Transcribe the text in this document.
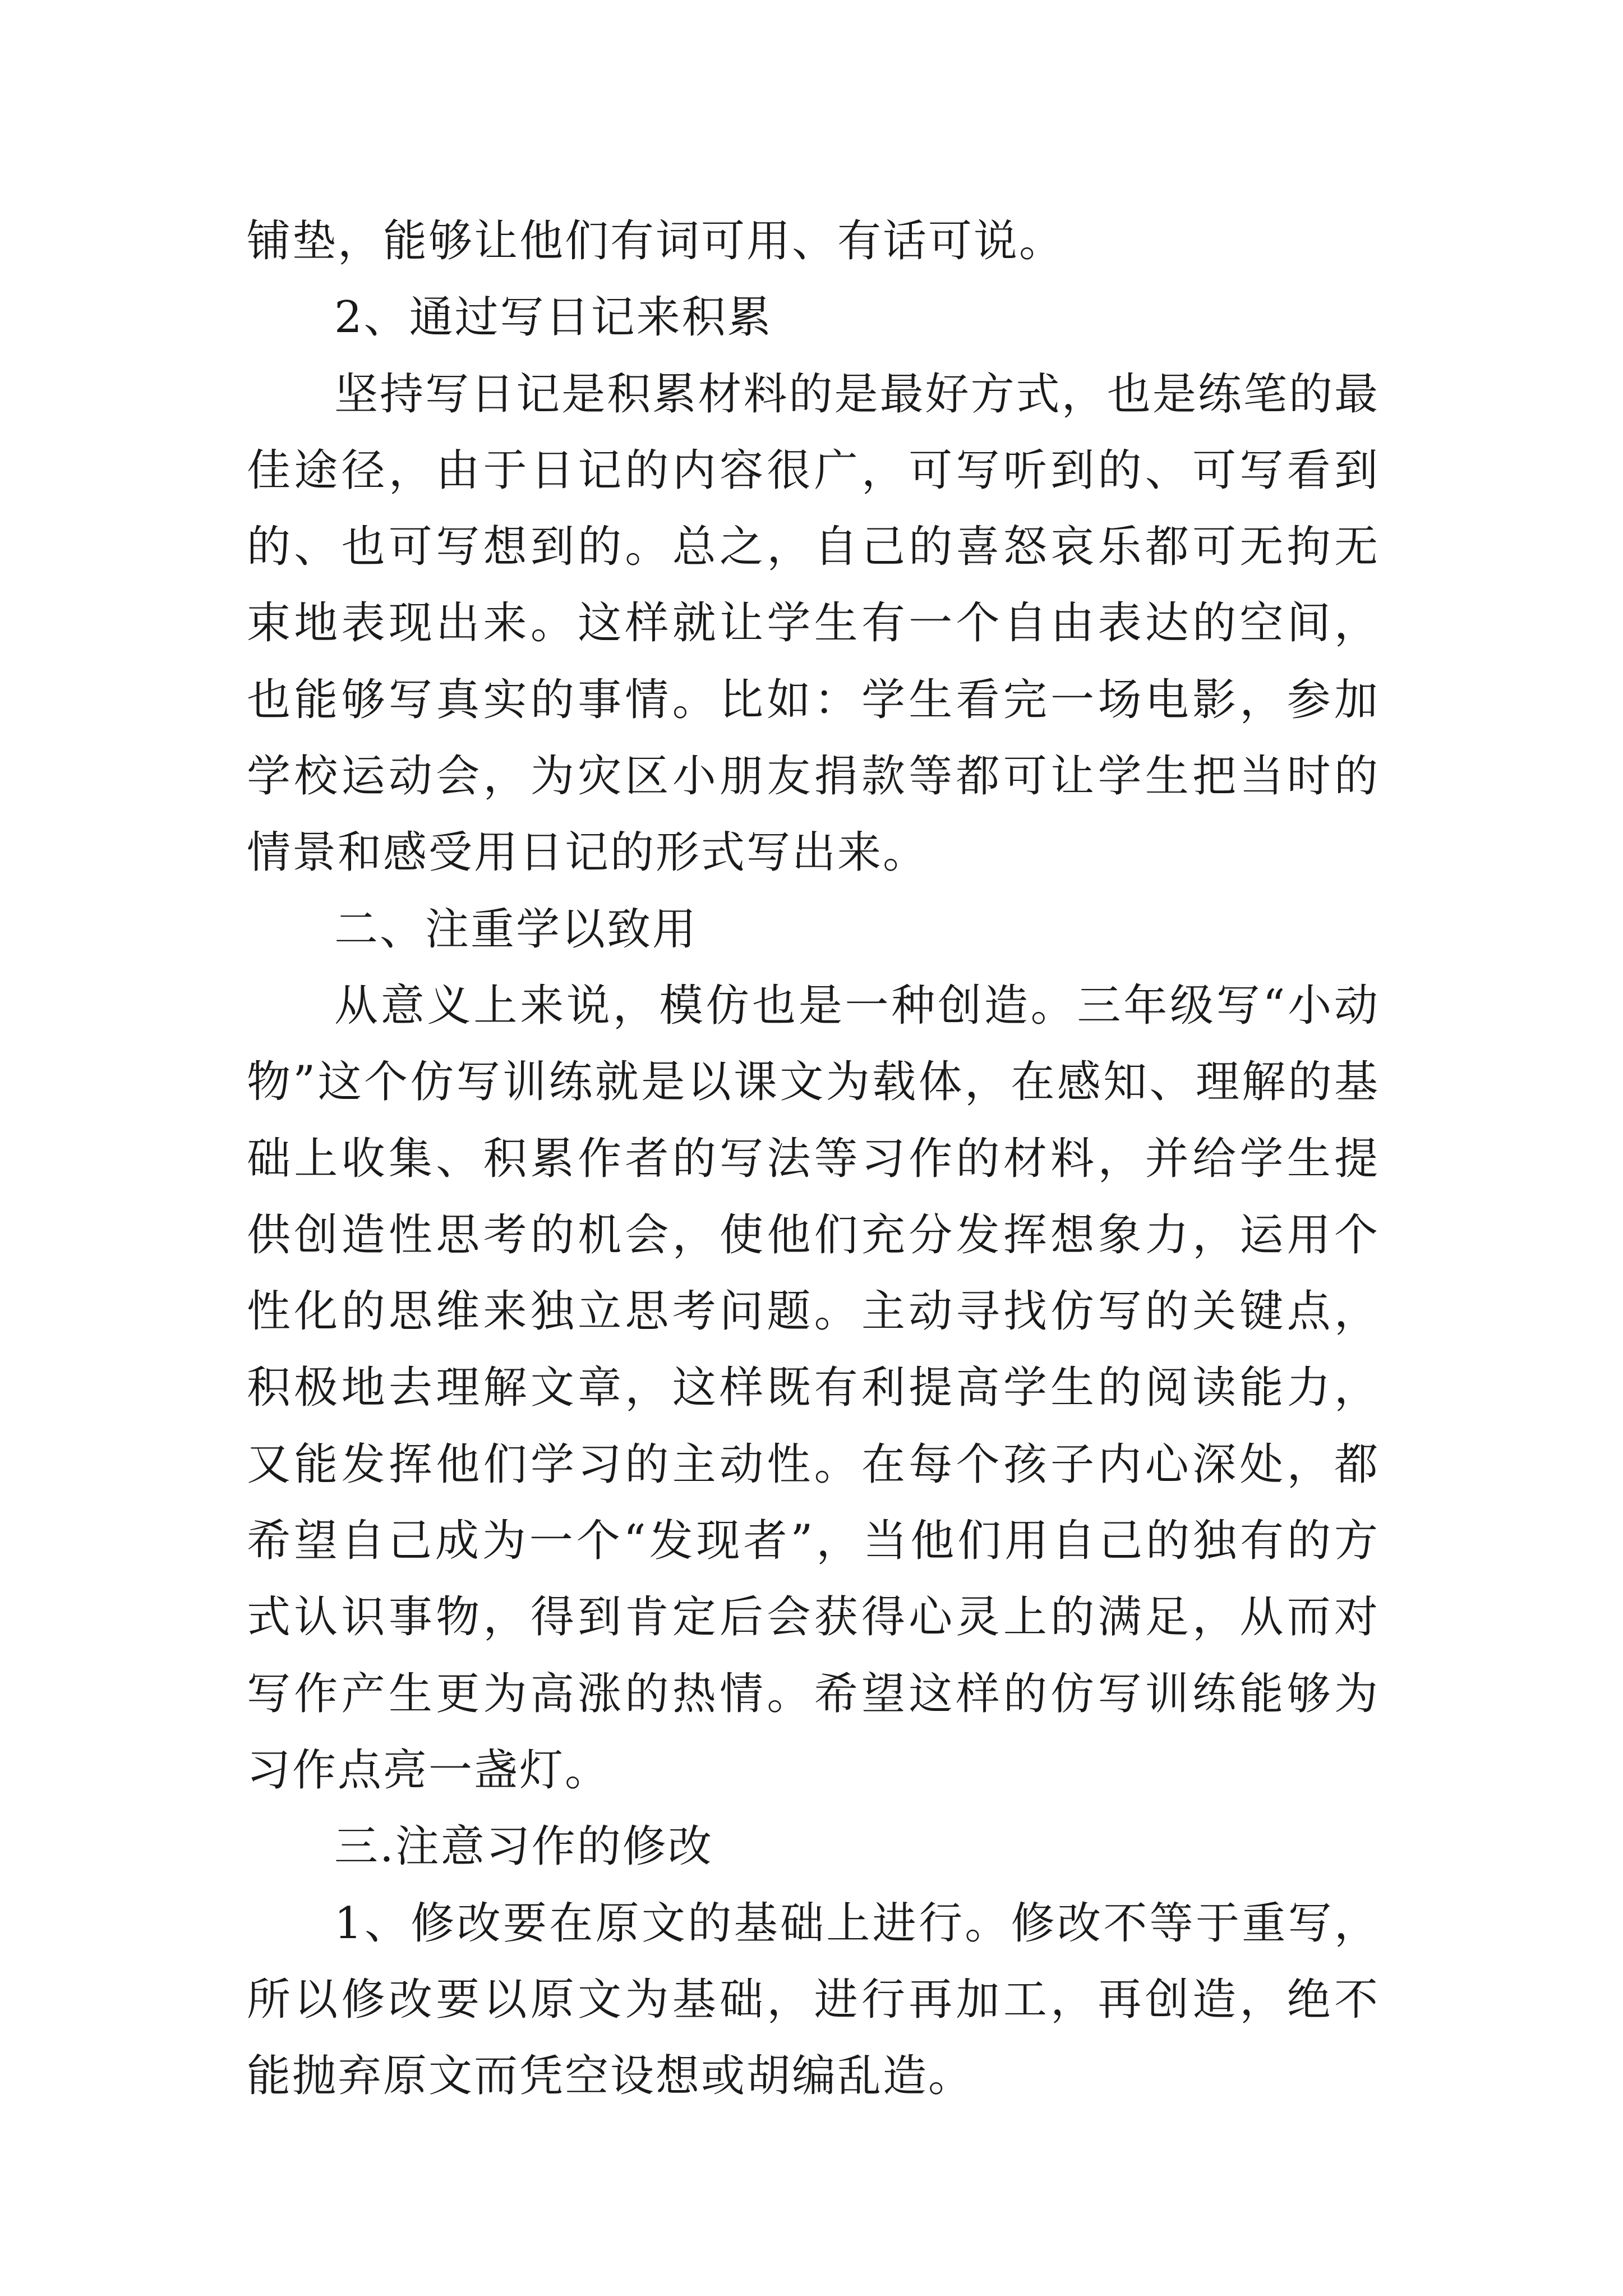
铺垫，能够让他们有词可用、有话可说。

2、通过写日记来积累

坚持写日记是积累材料的是最好方式，也是练笔的最佳途径，由于日记的内容很广，可写听到的、可写看到的、也可写想到的。总之，自己的喜怒哀乐都可无拘无束地表现出来。这样就让学生有一个自由表达的空间，也能够写真实的事情。比如：学生看完一场电影，参加学校运动会，为灾区小朋友捐款等都可让学生把当时的情景和感受用日记的形式写出来。

二、注重学以致用

从意义上来说，模仿也是一种创造。三年级写“小动物”这个仿写训练就是以课文为载体，在感知、理解的基础上收集、积累作者的写法等习作的材料，并给学生提供创造性思考的机会，使他们充分发挥想象力，运用个性化的思维来独立思考问题。主动寻找仿写的关键点，积极地去理解文章，这样既有利提高学生的阅读能力，又能发挥他们学习的主动性。在每个孩子内心深处，都希望自己成为一个“发现者”，当他们用自己的独有的方式认识事物，得到肯定后会获得心灵上的满足，从而对写作产生更为高涨的热情。希望这样的仿写训练能够为习作点亮一盏灯。

三.注意习作的修改

1、修改要在原文的基础上进行。修改不等于重写，所以修改要以原文为基础，进行再加工，再创造，绝不能抛弃原文而凭空设想或胡编乱造。
